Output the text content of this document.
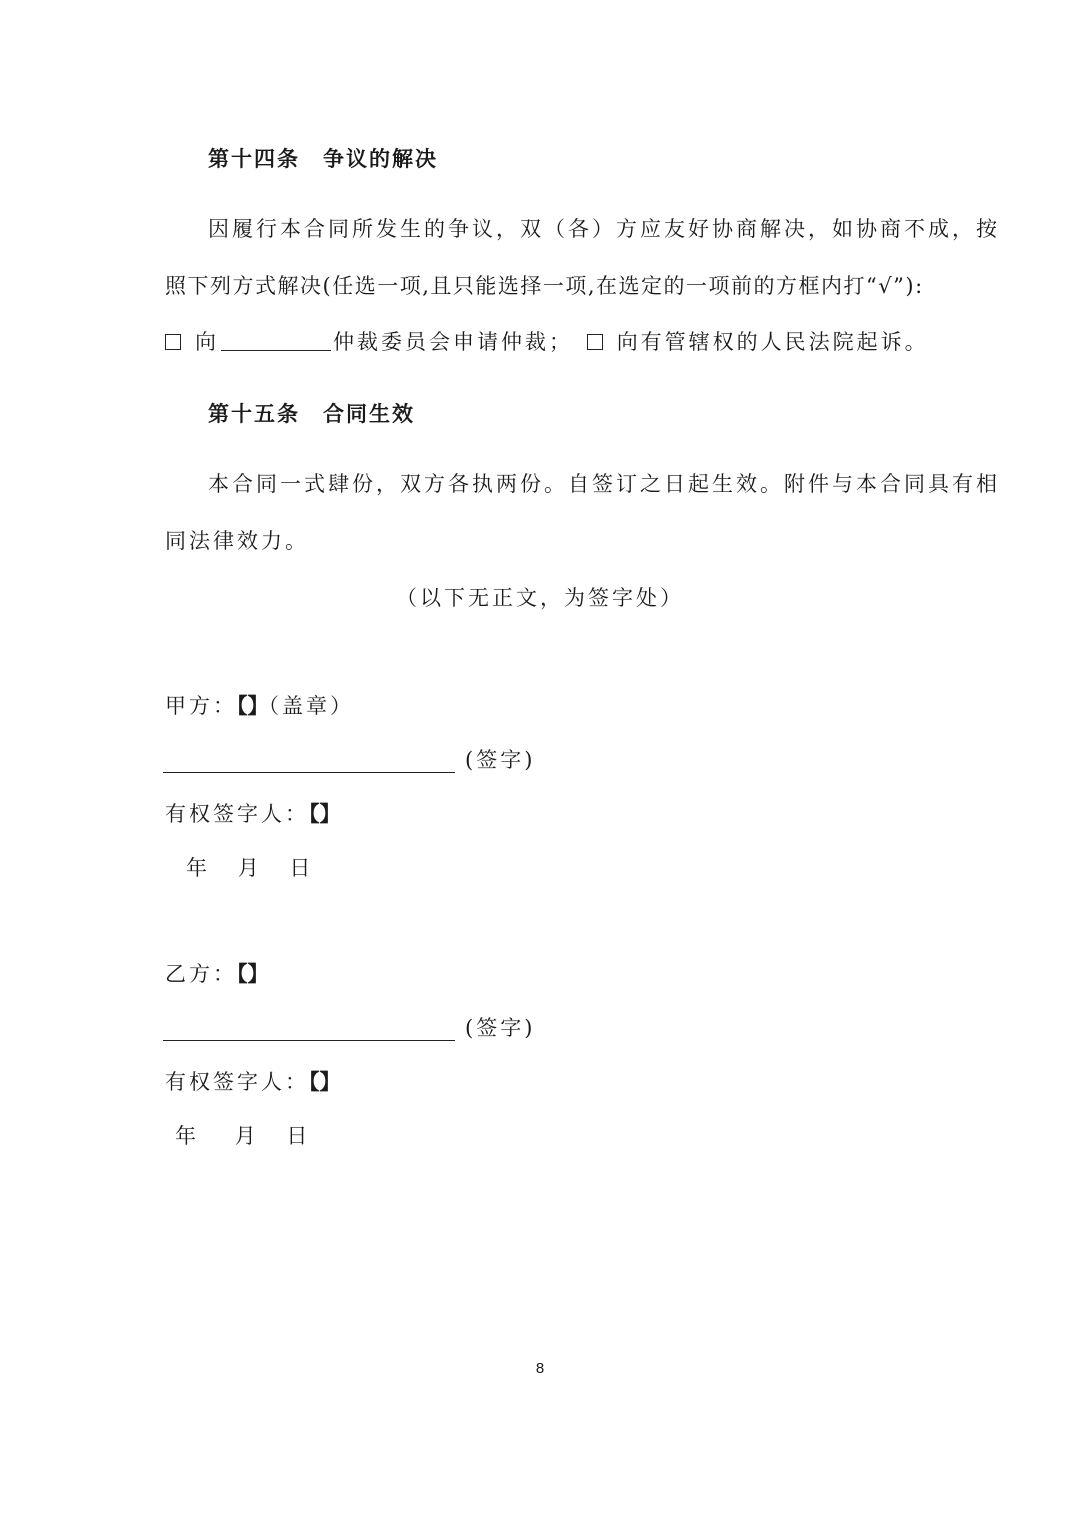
第十四条　争议的解决
因履行本合同所发生的争议，双（各）方应友好协商解决，如协商不成，按
照下列方式解决(任选一项,且只能选择一项,在选定的一项前的方框内打“√”):
向	仲裁委员会申请仲裁； 向有管辖权的人民法院起诉。
第十五条　合同生效
本合同一式肆份，双方各执两份。自签订之日起生效。附件与本合同具有相
同法律效力。
（以下无正文，为签字处）
甲方：【】（盖章）
(签字)
有权签字人：【】
年 月 日
乙方：【】
(签字)
有权签字人：【】
年 月 日
8
